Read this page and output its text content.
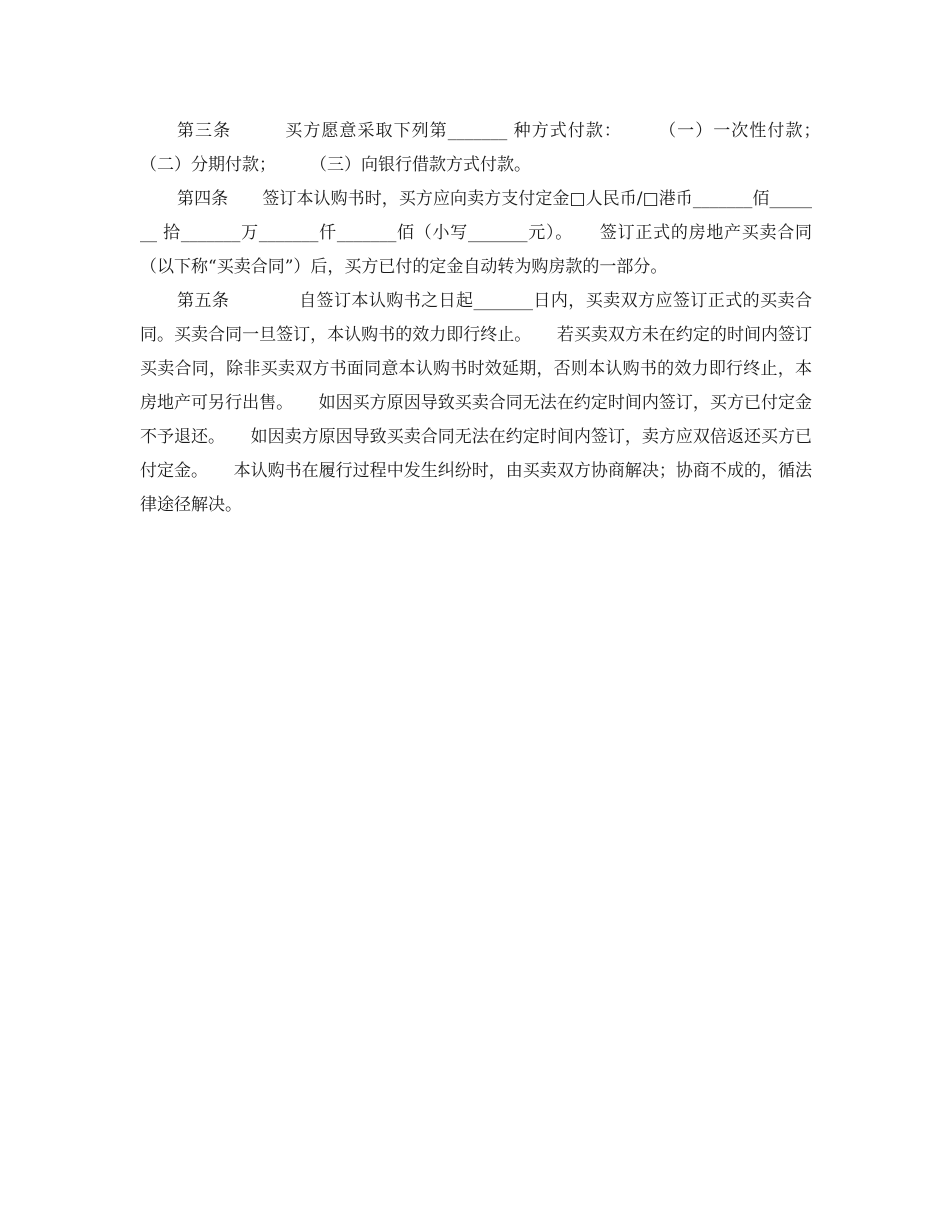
第三条　　　买方愿意采取下列第_______ 种方式付款：　　　（一）一次性付款；　　　（二）分期付款；　　　（三）向银行借款方式付款。

第四条　　签订本认购书时，买方应向卖方支付定金□人民币/□港币_______佰_______ 拾_______万_______仟_______佰（小写_______元）。　　签订正式的房地产买卖合同（以下称“买卖合同”）后，买方已付的定金自动转为购房款的一部分。

第五条　　　　自签订本认购书之日起_______日内，买卖双方应签订正式的买卖合同。买卖合同一旦签订，本认购书的效力即行终止。　　若买卖双方未在约定的时间内签订买卖合同，除非买卖双方书面同意本认购书时效延期，否则本认购书的效力即行终止，本房地产可另行出售。　　如因买方原因导致买卖合同无法在约定时间内签订，买方已付定金不予退还。　　如因卖方原因导致买卖合同无法在约定时间内签订，卖方应双倍返还买方已付定金。　　本认购书在履行过程中发生纠纷时，由买卖双方协商解决；协商不成的，循法律途径解决。
